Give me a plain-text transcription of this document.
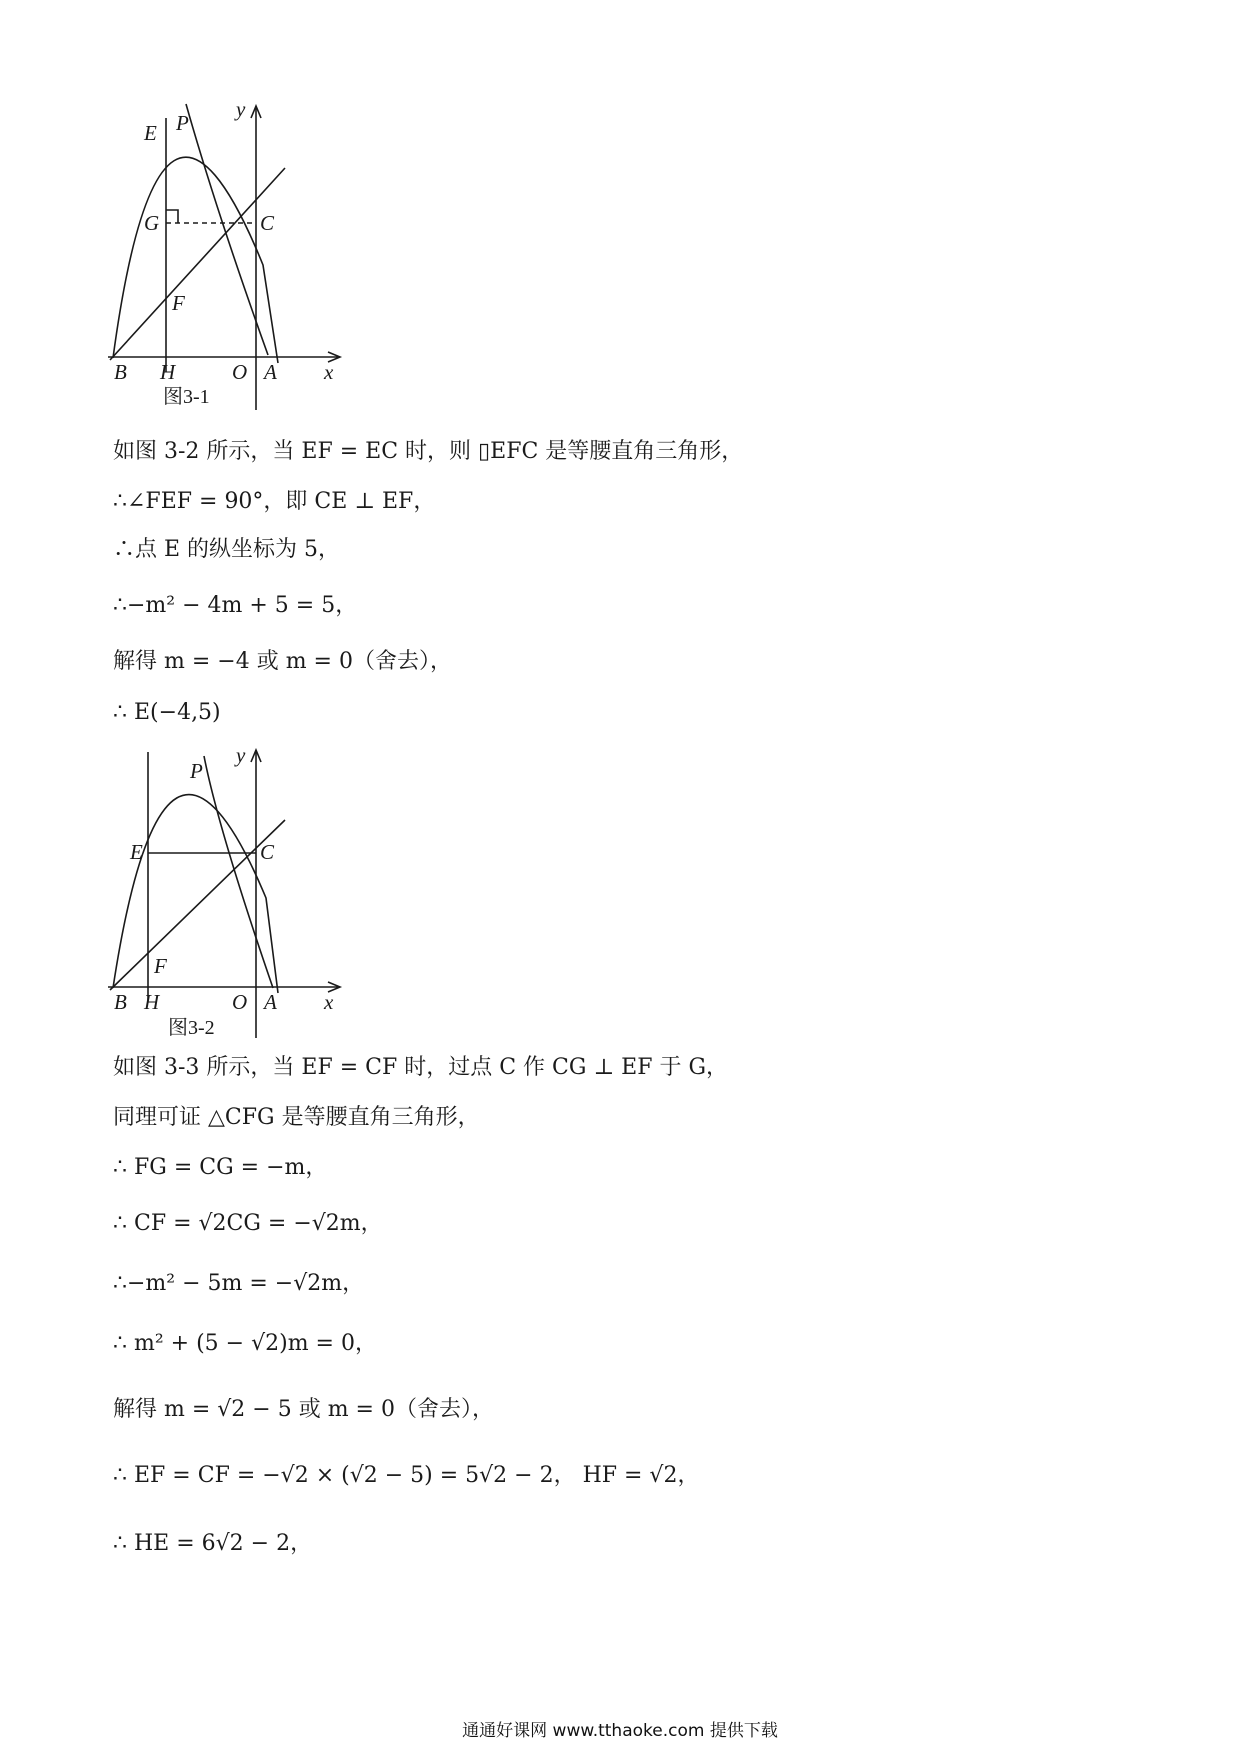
E P
y
G	C
F
B H	O A x
图3-1
如图 3-2 所示，当 EF = EC 时，则 ▯EFC 是等腰直角三角形，
∴∠FEF = 90°，即 CE ⊥ EF，
∴点 E 的纵坐标为 5，
∴−m² − 4m + 5 = 5，
解得 m = −4 或 m = 0（舍去），
∴ E(−4,5)
P
y
E	C
F
B H	O A x
图3-2
如图 3-3 所示，当 EF = CF 时，过点 C 作 CG ⊥ EF 于 G，
同理可证 △CFG 是等腰直角三角形，
∴ FG = CG = −m，
∴ CF = √2CG = −√2m，
∴−m² − 5m = −√2m，
∴ m² + (5 − √2)m = 0，
解得 m = √2 − 5 或 m = 0（舍去），
∴ EF = CF = −√2 × (√2 − 5) = 5√2 − 2， HF = √2，
∴ HE = 6√2 − 2，
通通好课网 www.tthaoke.com 提供下载
